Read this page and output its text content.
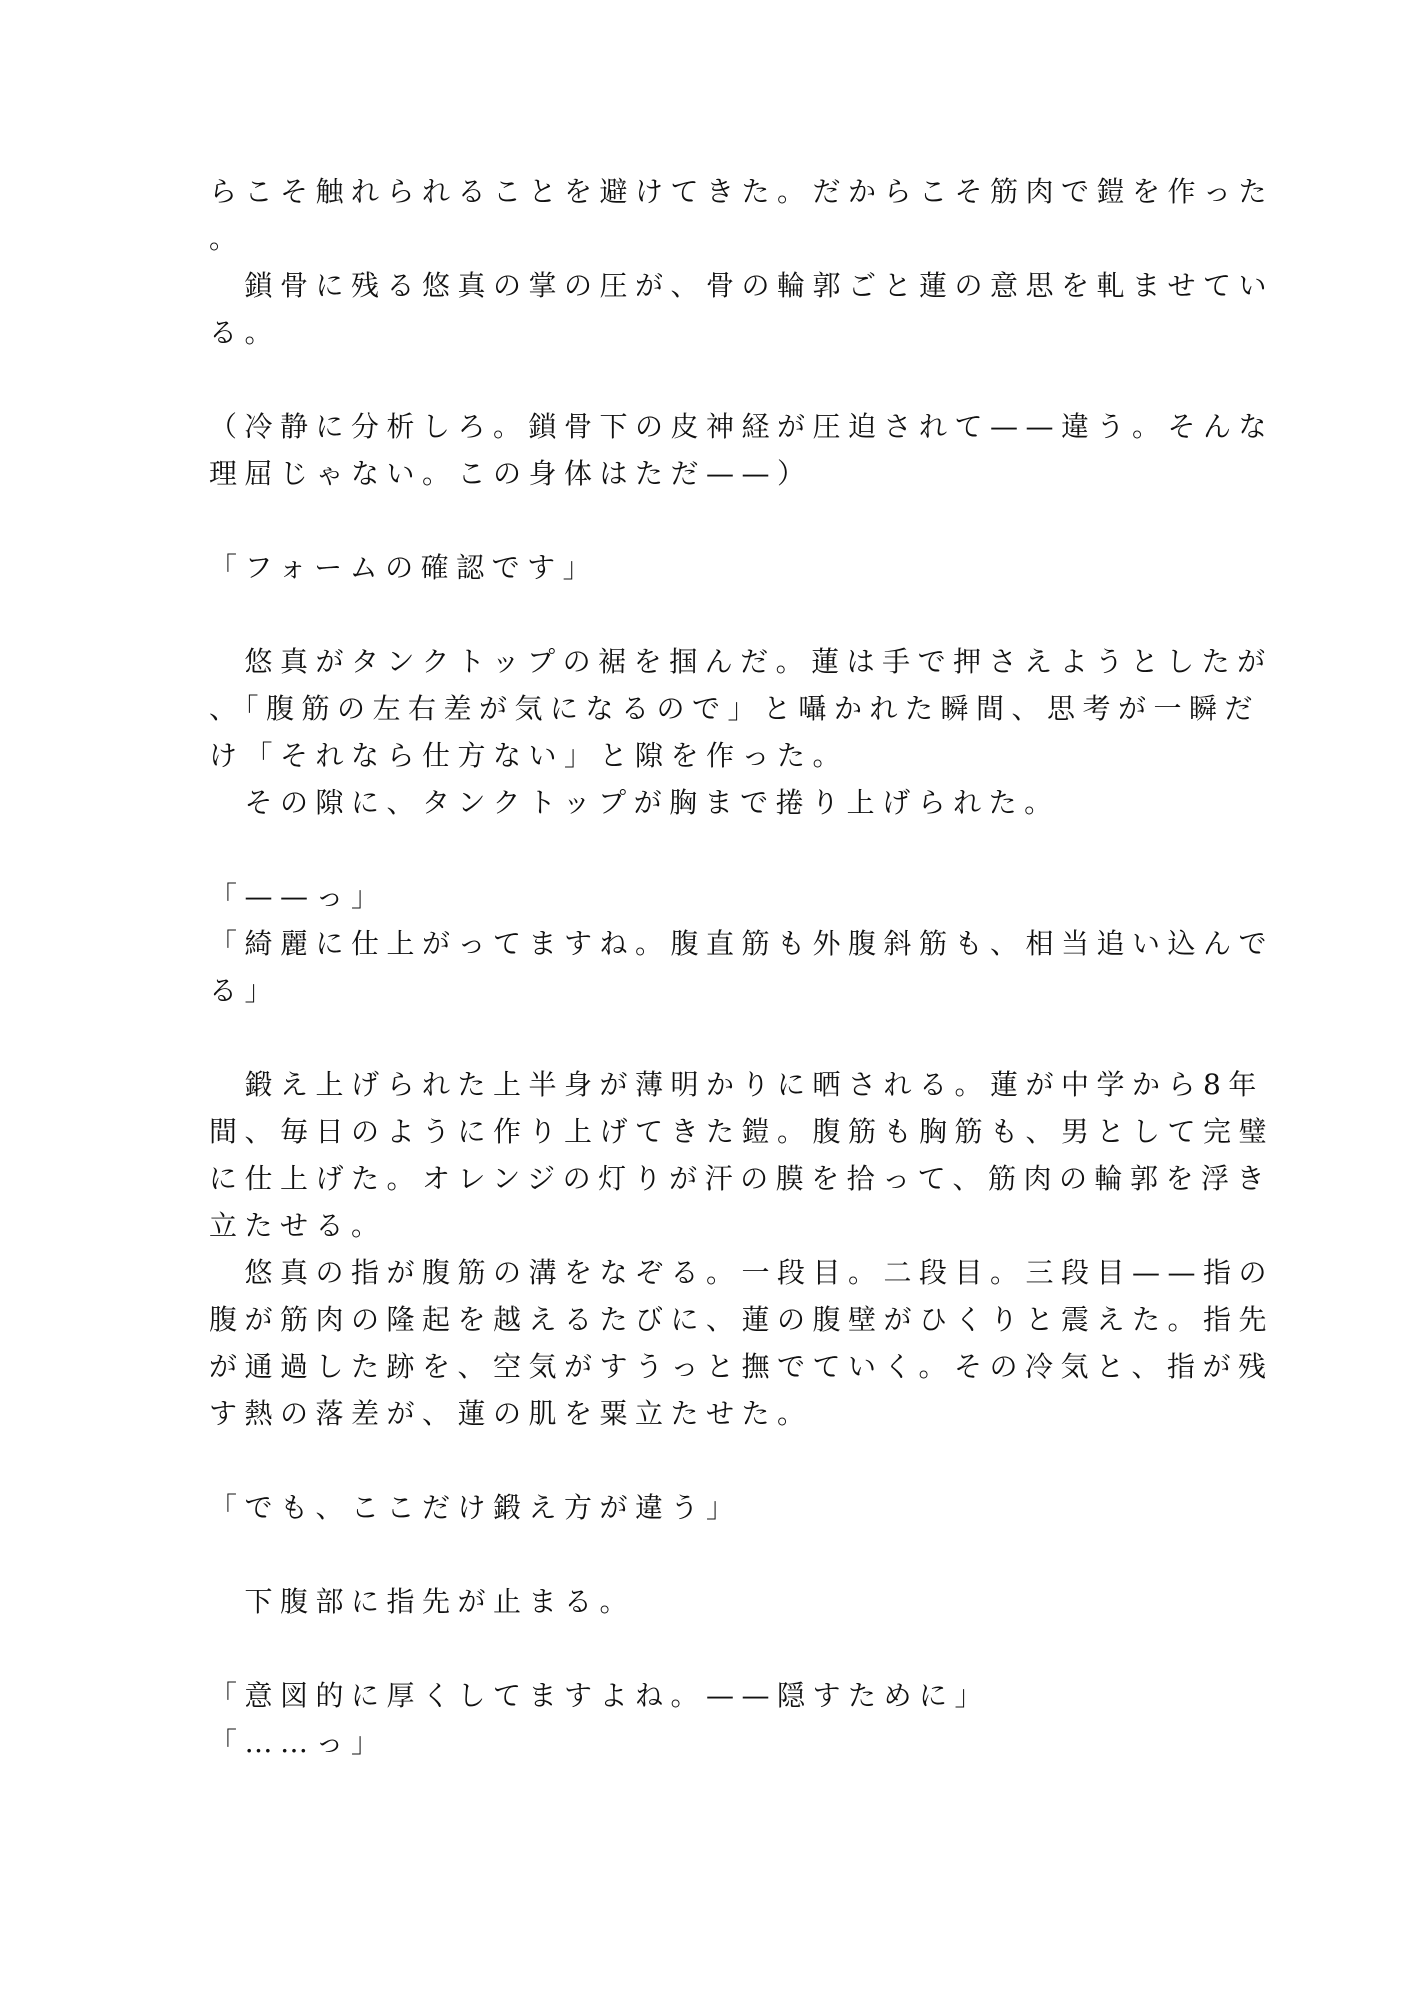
らこそ触れられることを避けてきた。だからこそ筋肉で鎧を作った
。
　鎖骨に残る悠真の掌の圧が、骨の輪郭ごと蓮の意思を軋ませてい
る。
（冷静に分析しろ。鎖骨下の皮神経が圧迫されて——違う。そんな
理屈じゃない。この身体はただ——）
「フォームの確認です」
　悠真がタンクトップの裾を掴んだ。蓮は手で押さえようとしたが
、「腹筋の左右差が気になるので」と囁かれた瞬間、思考が一瞬だ
け「それなら仕方ない」と隙を作った。
　その隙に、タンクトップが胸まで捲り上げられた。
「——っ」
「綺麗に仕上がってますね。腹直筋も外腹斜筋も、相当追い込んで
る」
　鍛え上げられた上半身が薄明かりに晒される。蓮が中学から8年
間、毎日のように作り上げてきた鎧。腹筋も胸筋も、男として完璧
に仕上げた。オレンジの灯りが汗の膜を拾って、筋肉の輪郭を浮き
立たせる。
　悠真の指が腹筋の溝をなぞる。一段目。二段目。三段目——指の
腹が筋肉の隆起を越えるたびに、蓮の腹壁がひくりと震えた。指先
が通過した跡を、空気がすうっと撫でていく。その冷気と、指が残
す熱の落差が、蓮の肌を粟立たせた。
「でも、ここだけ鍛え方が違う」
　下腹部に指先が止まる。
「意図的に厚くしてますよね。——隠すために」
「……っ」
